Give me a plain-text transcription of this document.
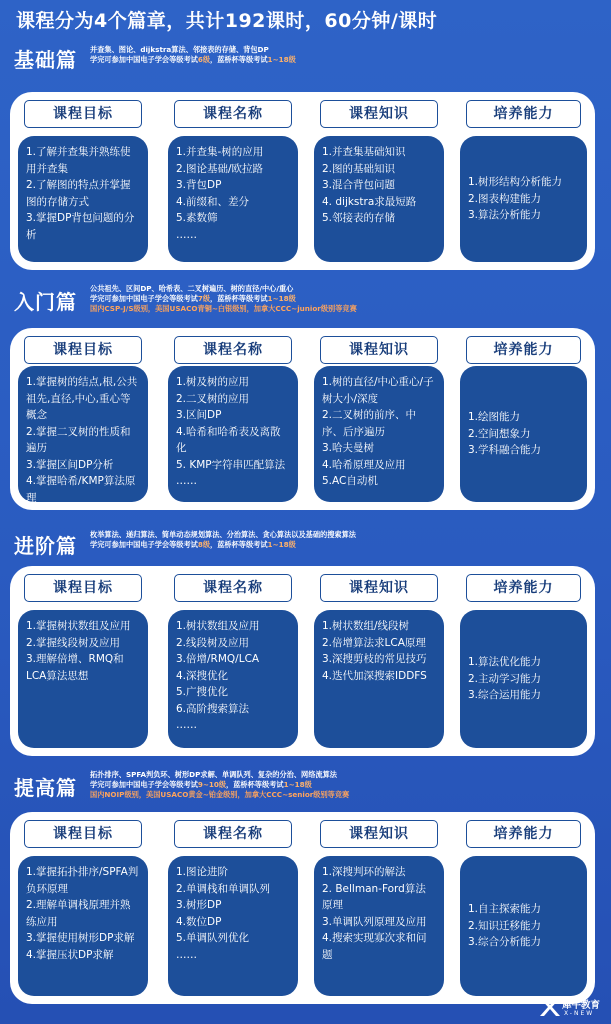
课程分为4个篇章，共计192课时，60分钟/课时
基础篇 并查集、图论、dijkstra算法、邻接表的存储、背包DP
学完可参加中国电子学会等级考试6级，蓝桥杯等级考试1~18级
课程目标
1.了解并查集并熟练使用并查集
2.了解图的特点并掌握图的存储方式
3.掌握DP背包问题的分析
课程名称
1.并查集-树的应用
2.图论基础/欧拉路
3.背包DP
4.前缀和、差分
5.素数筛
……
课程知识
1.并查集基础知识
2.图的基础知识
3.混合背包问题
4. dijkstra求最短路
5.邻接表的存储
培养能力
1.树形结构分析能力
2.图表构建能力
3.算法分析能力
入门篇
公共祖先、区间DP、哈希表、二叉树遍历、树的直径/中心/重心
学完可参加中国电子学会等级考试7级，蓝桥杯等级考试1~18级
国内CSP-J/S级别，美国USACO青铜~白银级别，加拿大CCC~junior级别等竞赛
课程目标
1.掌握树的结点,根,公共祖先,直径,中心,重心等概念
2.掌握二叉树的性质和遍历
3.掌握区间DP分析
4.掌握哈希/KMP算法原理
课程名称
1.树及树的应用
2.二叉树的应用
3.区间DP
4.哈希和哈希表及离散化
5. KMP字符串匹配算法
……
课程知识
1.树的直径/中心重心/子树大小/深度
2.二叉树的前序、中序、后序遍历
3.哈夫曼树
4.哈希原理及应用
5.AC自动机
培养能力
1.绘图能力
2.空间想象力
3.学科融合能力
进阶篇 枚举算法、递归算法、简单动态规划算法、分治算法、贪心算法以及基础的搜索算法
学完可参加中国电子学会等级考试8级，蓝桥杯等级考试1~18级
课程目标
1.掌握树状数组及应用
2.掌握线段树及应用
3.理解倍增、RMQ和LCA算法思想
课程名称
1.树状数组及应用
2.线段树及应用
3.倍增/RMQ/LCA
4.深搜优化
5.广搜优化
6.高阶搜索算法
……
课程知识
1.树状数组/线段树
2.倍增算法求LCA原理
3.深搜剪枝的常见技巧
4.迭代加深搜索IDDFS
培养能力
1.算法优化能力
2.主动学习能力
3.综合运用能力
提高篇
拓扑排序、SPFA判负环、树形DP求解、单调队列、复杂的分治、网络流算法
学完可参加中国电子学会等级考试9~10级，蓝桥杯等级考试1~18级
国内NOIP级别，美国USACO黄金~铂金级别，加拿大CCC~senior级别等竞赛
课程目标
1.掌握拓扑排序/SPFA判负环原理
2.理解单调栈原理并熟练应用
3.掌握使用树形DP求解
4.掌握压状DP求解
课程名称
1.图论进阶
2.单调栈和单调队列
3.树形DP
4.数位DP
5.单调队列优化
……
课程知识
1.深搜判环的解法
2. Bellman-Ford算法原理
3.单调队列原理及应用
4.搜索实现寡次求和问题
培养能力
1.自主探索能力
2.知识迁移能力
3.综合分析能力
犀牛教育
X-NEW
